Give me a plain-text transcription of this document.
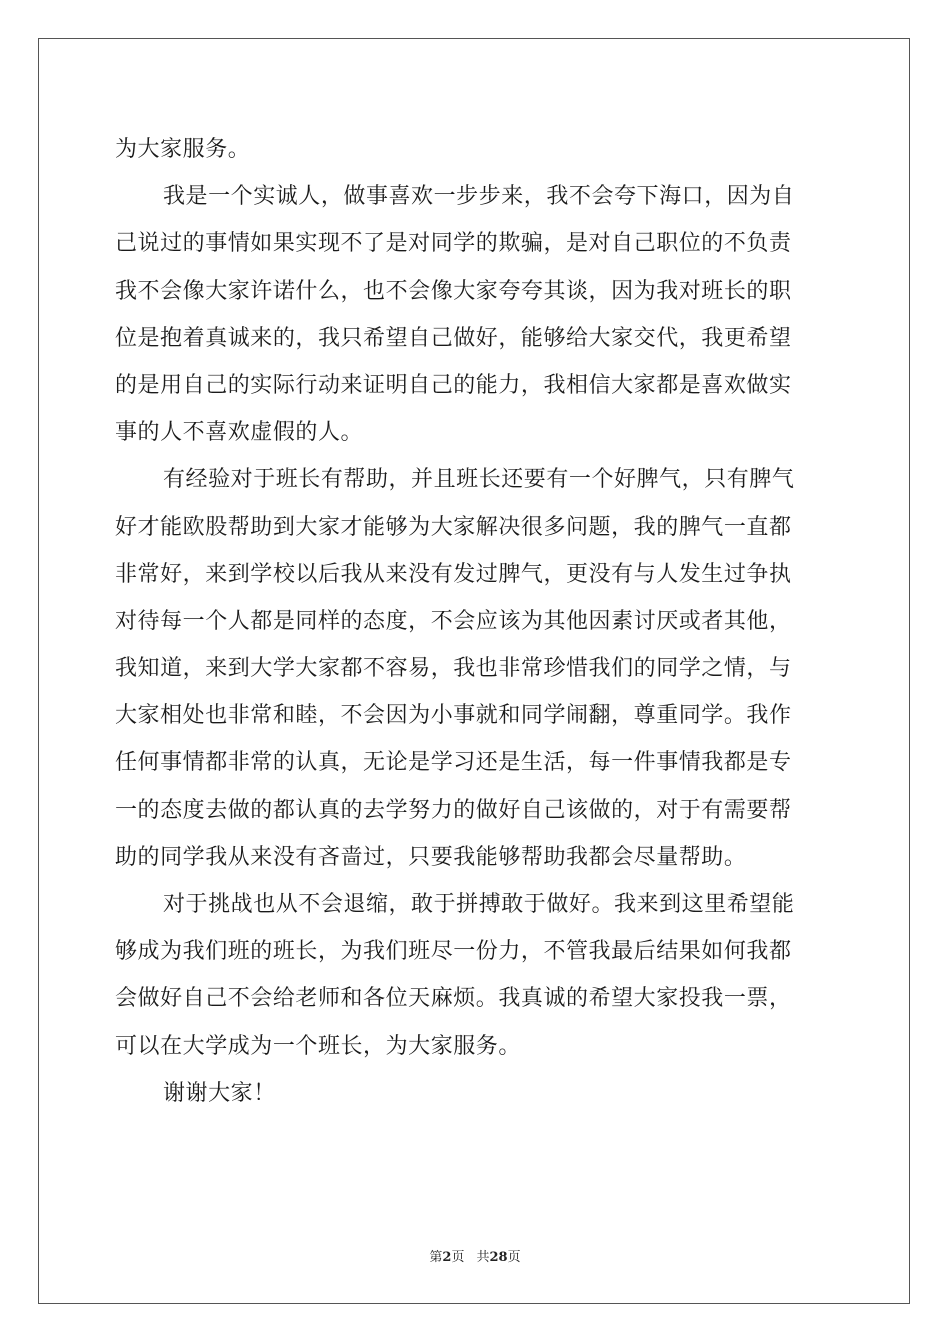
为大家服务。
我是一个实诚人，做事喜欢一步步来，我不会夸下海口，因为自
己说过的事情如果实现不了是对同学的欺骗，是对自己职位的不负责
我不会像大家许诺什么，也不会像大家夸夸其谈，因为我对班长的职
位是抱着真诚来的，我只希望自己做好，能够给大家交代，我更希望
的是用自己的实际行动来证明自己的能力，我相信大家都是喜欢做实
事的人不喜欢虚假的人。
有经验对于班长有帮助，并且班长还要有一个好脾气，只有脾气
好才能欧股帮助到大家才能够为大家解决很多问题，我的脾气一直都
非常好，来到学校以后我从来没有发过脾气，更没有与人发生过争执
对待每一个人都是同样的态度，不会应该为其他因素讨厌或者其他，
我知道，来到大学大家都不容易，我也非常珍惜我们的同学之情，与
大家相处也非常和睦，不会因为小事就和同学闹翻，尊重同学。我作
任何事情都非常的认真，无论是学习还是生活，每一件事情我都是专
一的态度去做的都认真的去学努力的做好自己该做的，对于有需要帮
助的同学我从来没有吝啬过，只要我能够帮助我都会尽量帮助。
对于挑战也从不会退缩，敢于拼搏敢于做好。我来到这里希望能
够成为我们班的班长，为我们班尽一份力，不管我最后结果如何我都
会做好自己不会给老师和各位天麻烦。我真诚的希望大家投我一票，
可以在大学成为一个班长，为大家服务。
谢谢大家！
第2页 共28页
